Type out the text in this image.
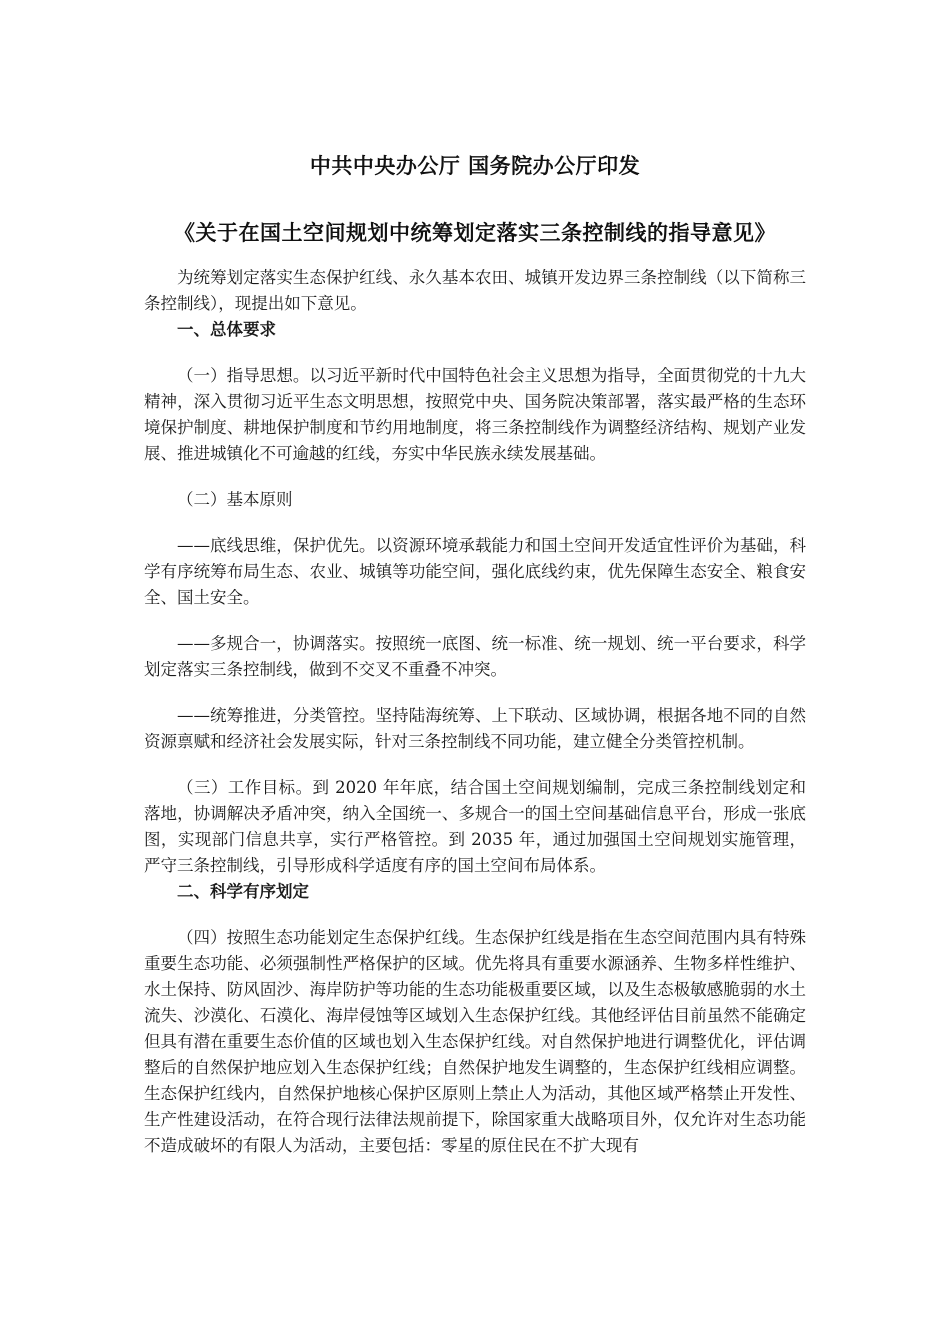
中共中央办公厅 国务院办公厅印发
《关于在国土空间规划中统筹划定落实三条控制线的指导意见》

为统筹划定落实生态保护红线、永久基本农田、城镇开发边界三条控制线（以下简称三条控制线），现提出如下意见。

一、总体要求

（一）指导思想。以习近平新时代中国特色社会主义思想为指导，全面贯彻党的十九大精神，深入贯彻习近平生态文明思想，按照党中央、国务院决策部署，落实最严格的生态环境保护制度、耕地保护制度和节约用地制度，将三条控制线作为调整经济结构、规划产业发展、推进城镇化不可逾越的红线，夯实中华民族永续发展基础。

（二）基本原则

——底线思维，保护优先。以资源环境承载能力和国土空间开发适宜性评价为基础，科学有序统筹布局生态、农业、城镇等功能空间，强化底线约束，优先保障生态安全、粮食安全、国土安全。

——多规合一，协调落实。按照统一底图、统一标准、统一规划、统一平台要求，科学划定落实三条控制线，做到不交叉不重叠不冲突。

——统筹推进，分类管控。坚持陆海统筹、上下联动、区域协调，根据各地不同的自然资源禀赋和经济社会发展实际，针对三条控制线不同功能，建立健全分类管控机制。

（三）工作目标。到 2020 年年底，结合国土空间规划编制，完成三条控制线划定和落地，协调解决矛盾冲突，纳入全国统一、多规合一的国土空间基础信息平台，形成一张底图，实现部门信息共享，实行严格管控。到 2035 年，通过加强国土空间规划实施管理，严守三条控制线，引导形成科学适度有序的国土空间布局体系。

二、科学有序划定

（四）按照生态功能划定生态保护红线。生态保护红线是指在生态空间范围内具有特殊重要生态功能、必须强制性严格保护的区域。优先将具有重要水源涵养、生物多样性维护、水土保持、防风固沙、海岸防护等功能的生态功能极重要区域，以及生态极敏感脆弱的水土流失、沙漠化、石漠化、海岸侵蚀等区域划入生态保护红线。其他经评估目前虽然不能确定但具有潜在重要生态价值的区域也划入生态保护红线。对自然保护地进行调整优化，评估调整后的自然保护地应划入生态保护红线；自然保护地发生调整的，生态保护红线相应调整。生态保护红线内，自然保护地核心保护区原则上禁止人为活动，其他区域严格禁止开发性、生产性建设活动，在符合现行法律法规前提下，除国家重大战略项目外，仅允许对生态功能不造成破坏的有限人为活动，主要包括：零星的原住民在不扩大现有
